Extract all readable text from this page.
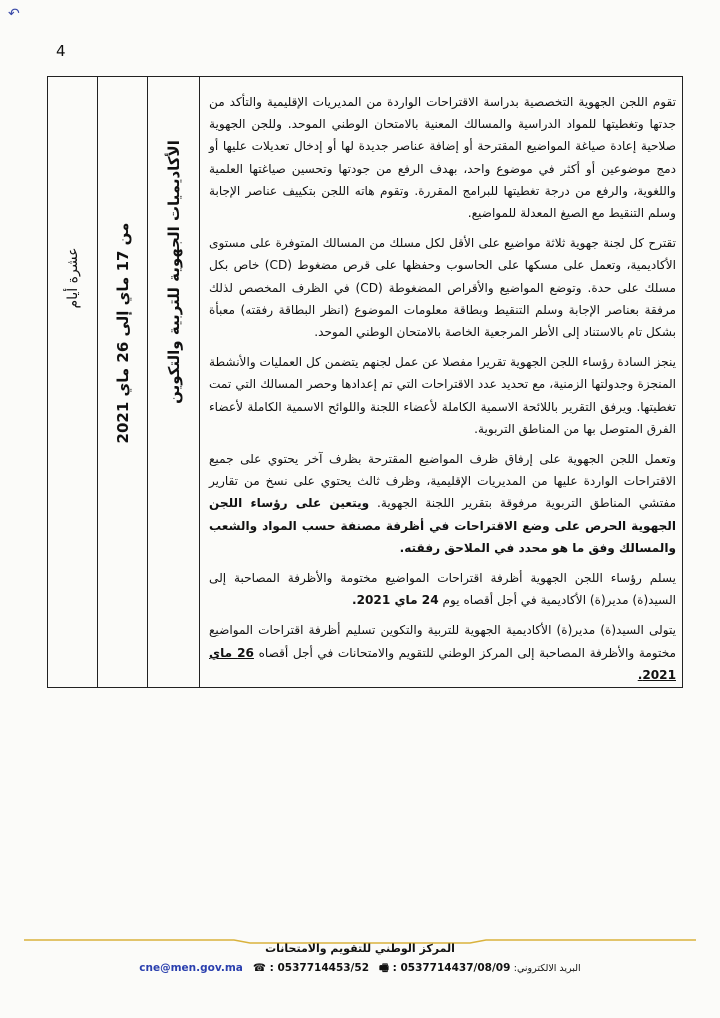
↶
4
عشرة أيام
من 17 ماي إلى 26 ماي 2021 الأكاديميات الجهوية للتربية والتكوين

تقوم اللجن الجهوية التخصصية بدراسة الاقتراحات الواردة من المديريات الإقليمية والتأكد من جدتها وتغطيتها للمواد الدراسية والمسالك المعنية بالامتحان الوطني الموحد. وللجن الجهوية صلاحية إعادة صياغة المواضيع المقترحة أو إضافة عناصر جديدة لها أو إدخال تعديلات عليها أو دمج موضوعين أو أكثر في موضوع واحد، بهدف الرفع من جودتها وتحسين صياغتها العلمية واللغوية، والرفع من درجة تغطيتها للبرامج المقررة. وتقوم هاته اللجن بتكييف عناصر الإجابة وسلم التنقيط مع الصيغ المعدلة للمواضيع.

تقترح كل لجنة جهوية ثلاثة مواضيع على الأقل لكل مسلك من المسالك المتوفرة على مستوى الأكاديمية، وتعمل على مسكها على الحاسوب وحفظها على قرص مضغوط (CD) خاص بكل مسلك على حدة. وتوضع المواضيع والأقراص المضغوطة (CD) في الظرف المخصص لذلك مرفقة بعناصر الإجابة وسلم التنقيط وبطاقة معلومات الموضوع (انظر البطاقة رفقته) معبأة بشكل تام بالاستناد إلى الأطر المرجعية الخاصة بالامتحان الوطني الموحد.

ينجز السادة رؤساء اللجن الجهوية تقريرا مفصلا عن عمل لجنهم يتضمن كل العمليات والأنشطة المنجزة وجدولتها الزمنية، مع تحديد عدد الاقتراحات التي تم إعدادها وحصر المسالك التي تمت تغطيتها. ويرفق التقرير باللائحة الاسمية الكاملة لأعضاء اللجنة واللوائح الاسمية الكاملة لأعضاء الفرق المتوصل بها من المناطق التربوية.

وتعمل اللجن الجهوية على إرفاق ظرف المواضيع المقترحة بظرف آخر يحتوي على جميع الاقتراحات الواردة عليها من المديريات الإقليمية، وظرف ثالث يحتوي على نسخ من تقارير مفتشي المناطق التربوية مرفوقة بتقرير اللجنة الجهوية. ويتعين على رؤساء اللجن الجهوية الحرص على وضع الاقتراحات في أظرفة مصنفة حسب المواد والشعب والمسالك وفق ما هو محدد في الملاحق رفقته.

يسلم رؤساء اللجن الجهوية أظرفة اقتراحات المواضيع مختومة والأظرفة المصاحبة إلى السيد(ة) مدير(ة) الأكاديمية في أجل أقصاه يوم 24 ماي 2021.

يتولى السيد(ة) مدير(ة) الأكاديمية الجهوية للتربية والتكوين تسليم أظرفة اقتراحات المواضيع مختومة والأظرفة المصاحبة إلى المركز الوطني للتقويم والامتحانات في أجل أقصاه 26 ماي 2021.

المركز الوطني للتقويم والامتحانات
البريد الالكتروني: cne@men.gov.ma ☎ : 0537714453/52 🖷 : 0537714437/08/09
